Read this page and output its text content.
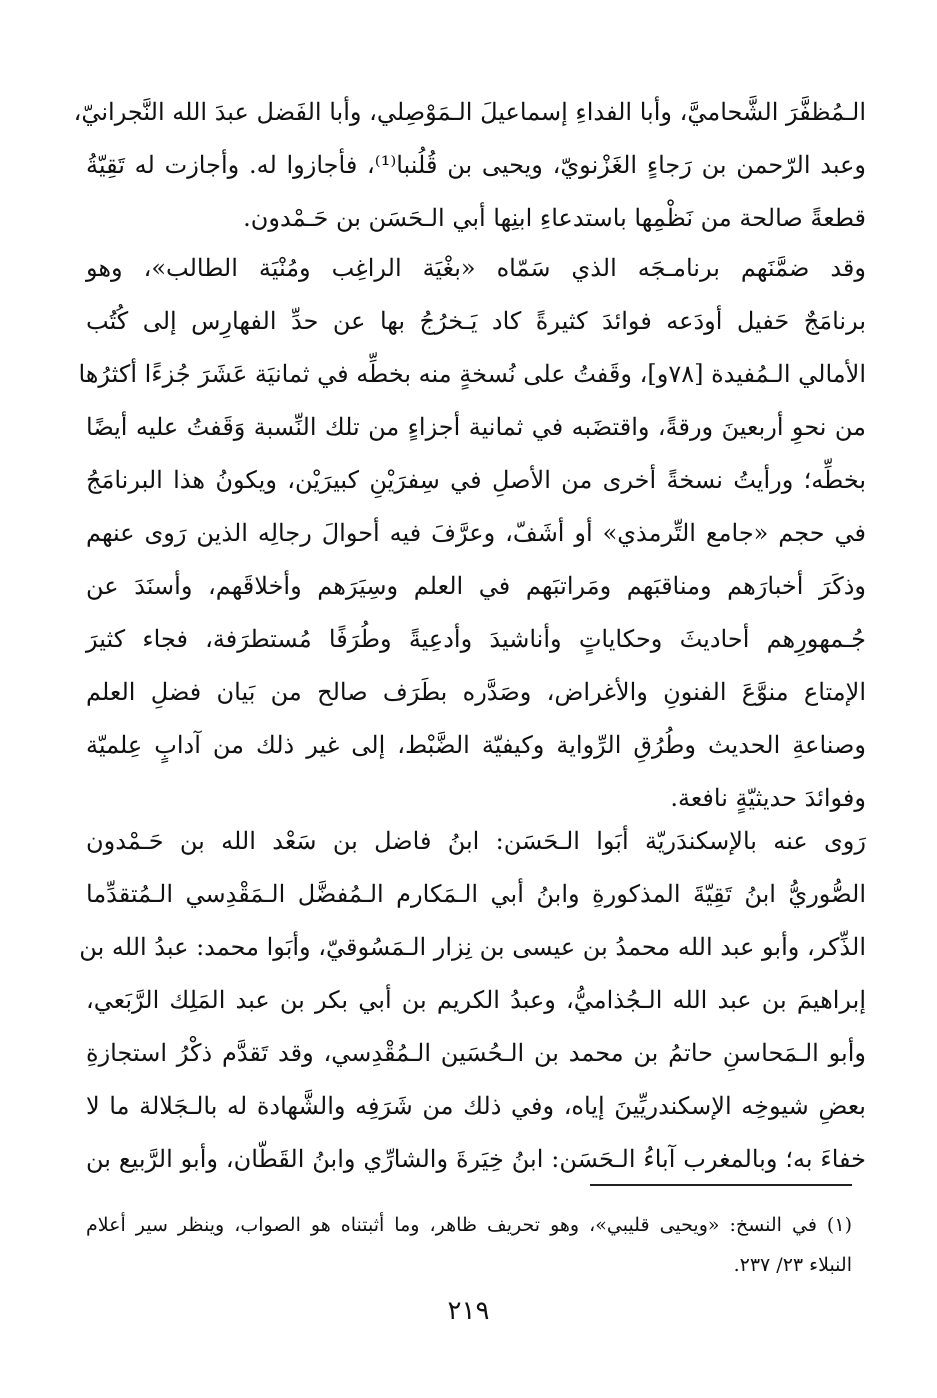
الـمُظفَّرَ الشَّحاميَّ، وأبا الفداءِ إسماعيلَ الـمَوْصِلي، وأبا الفَضل عبدَ الله النَّجرانيّ،
وعبد الرّحمن بن رَجاءٍ الغَزْنويّ، ويحيى بن قُلُنبا⁽¹⁾، فأجازوا له. وأجازت له تَقِيّةُ
قطعةً صالحة من نَظْمِها باستدعاءِ ابنِها أبي الـحَسَن بن حَـمْدون.
وقد ضمَّنَهم برنامـجَه الذي سَمّاه «بغْيَة الراغِب ومُنْيَة الطالب»، وهو
برنامَجٌ حَفيل أودَعه فوائدَ كثيرةً كاد يَـخرُجُ بها عن حدِّ الفهارِس إلى كُتُب
الأمالي الـمُفيدة [٧٨و]، وقَفتُ على نُسخةٍ منه بخطِّه في ثمانيَة عَشَرَ جُزءًا أكثرُها
من نحوِ أربعينَ ورقةً، واقتضَبه في ثمانية أجزاءٍ من تلك النِّسبة وَقَفتُ عليه أيضًا
بخطِّه؛ ورأيتُ نسخةً أخرى من الأصلِ في سِفرَيْنِ كبيرَيْن، ويكونُ هذا البرنامَجُ
في حجم «جامع التِّرمذي» أو أشَفّ، وعرَّفَ فيه أحوالَ رجالِه الذين رَوى عنهم
وذكَرَ أخبارَهم ومناقبَهم ومَراتبَهم في العلم وسِيَرَهم وأخلاقَهم، وأسنَدَ عن
جُـمهورِهم أحاديثَ وحكاياتٍ وأناشيدَ وأدعِيةً وطُرَفًا مُستطرَفة، فجاء كثيرَ
الإمتاع منوَّعَ الفنونِ والأغراض، وصَدَّره بطَرَف صالح من بَيان فضلِ العلم
وصناعةِ الحديث وطُرُقِ الرِّواية وكيفيّة الضَّبْط، إلى غير ذلك من آدابٍ عِلميّة
وفوائدَ حديثيّةٍ نافعة.
رَوى عنه بالإسكندَريّة أبَوا الـحَسَن: ابنُ فاضل بن سَعْد الله بن حَـمْدون
الصُّوريُّ ابنُ تَقِيّةَ المذكورةِ وابنُ أبي الـمَكارم الـمُفضَّل الـمَقْدِسي الـمُتقدِّما
الذِّكر، وأبو عبد الله محمدُ بن عيسى بن نِزار الـمَسُوقيّ، وأبَوا محمد: عبدُ الله بن
إبراهيمَ بن عبد الله الـجُذاميُّ، وعبدُ الكريم بن أبي بكر بن عبد المَلِك الرَّبَعي،
وأبو الـمَحاسنِ حاتمُ بن محمد بن الـحُسَين الـمُقْدِسي، وقد تَقدَّم ذكْرُ استجازةِ
بعضِ شيوخِه الإسكندريِّينَ إياه، وفي ذلك من شَرَفِه والشَّهادة له بالـجَلالة ما لا
خفاءَ به؛ وبالمغرب آباءُ الـحَسَن: ابنُ خِيَرةَ والشارِّي وابنُ القَطّان، وأبو الرَّبيع بن
(١) في النسخ: «ويحيى قليبي»، وهو تحريف ظاهر، وما أثبتناه هو الصواب، وينظر سير أعلام
النبلاء ٢٣/ ٢٣٧.
٢١٩
